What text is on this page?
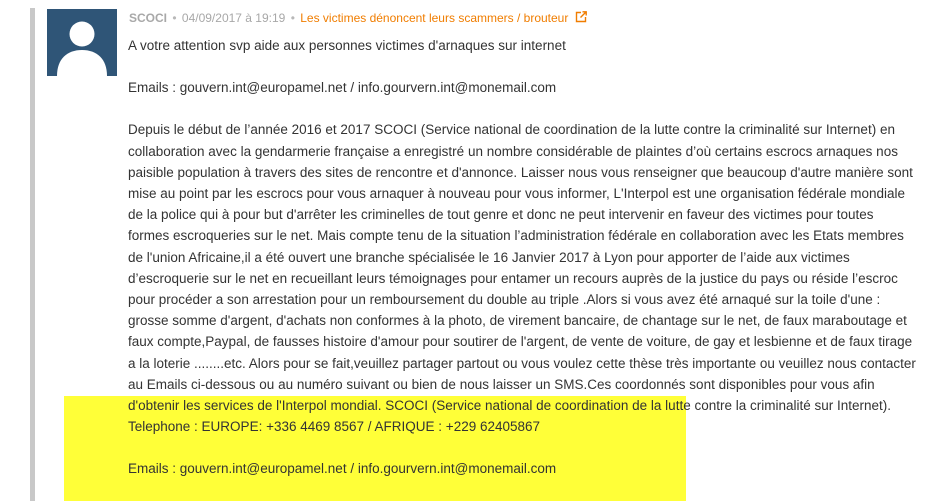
SCOCI • 04/09/2017 à 19:19 • Les victimes dénoncent leurs scammers / brouteur

A votre attention svp aide aux personnes victimes d'arnaques sur internet

Emails : gouvern.int@europamel.net / info.gourvern.int@monemail.com

Depuis le début de l’année 2016 et 2017 SCOCI (Service national de coordination de la lutte contre la criminalité sur Internet) en collaboration avec la gendarmerie française a enregistré un nombre considérable de plaintes d’où certains escrocs arnaques nos paisible population à travers des sites de rencontre et d'annonce. Laisser nous vous renseigner que beaucoup d'autre manière sont mise au point par les escrocs pour vous arnaquer à nouveau pour vous informer, L'Interpol est une organisation fédérale mondiale de la police qui à pour but d'arrêter les criminelles de tout genre et donc ne peut intervenir en faveur des victimes pour toutes formes escroqueries sur le net. Mais compte tenu de la situation l’administration fédérale en collaboration avec les Etats membres de l'union Africaine,il a été ouvert une branche spécialisée le 16 Janvier 2017 à Lyon pour apporter de l’aide aux victimes d’escroquerie sur le net en recueillant leurs témoignages pour entamer un recours auprès de la justice du pays ou réside l’escroc pour procéder a son arrestation pour un remboursement du double au triple .Alors si vous avez été arnaqué sur la toile d'une : grosse somme d'argent, d'achats non conformes à la photo, de virement bancaire, de chantage sur le net, de faux maraboutage et faux compte,Paypal, de fausses histoire d'amour pour soutirer de l'argent, de vente de voiture, de gay et lesbienne et de faux tirage a la loterie ........etc. Alors pour se fait,veuillez partager partout ou vous voulez cette thèse très importante ou veuillez nous contacter au Emails ci-dessous ou au numéro suivant ou bien de nous laisser un SMS.Ces coordonnés sont disponibles pour vous afin d'obtenir les services de l'Interpol mondial. SCOCI (Service national de coordination de la lutte contre la criminalité sur Internet).

Telephone : EUROPE: +336 4469 8567 / AFRIQUE : +229 62405867

Emails : gouvern.int@europamel.net / info.gourvern.int@monemail.com
